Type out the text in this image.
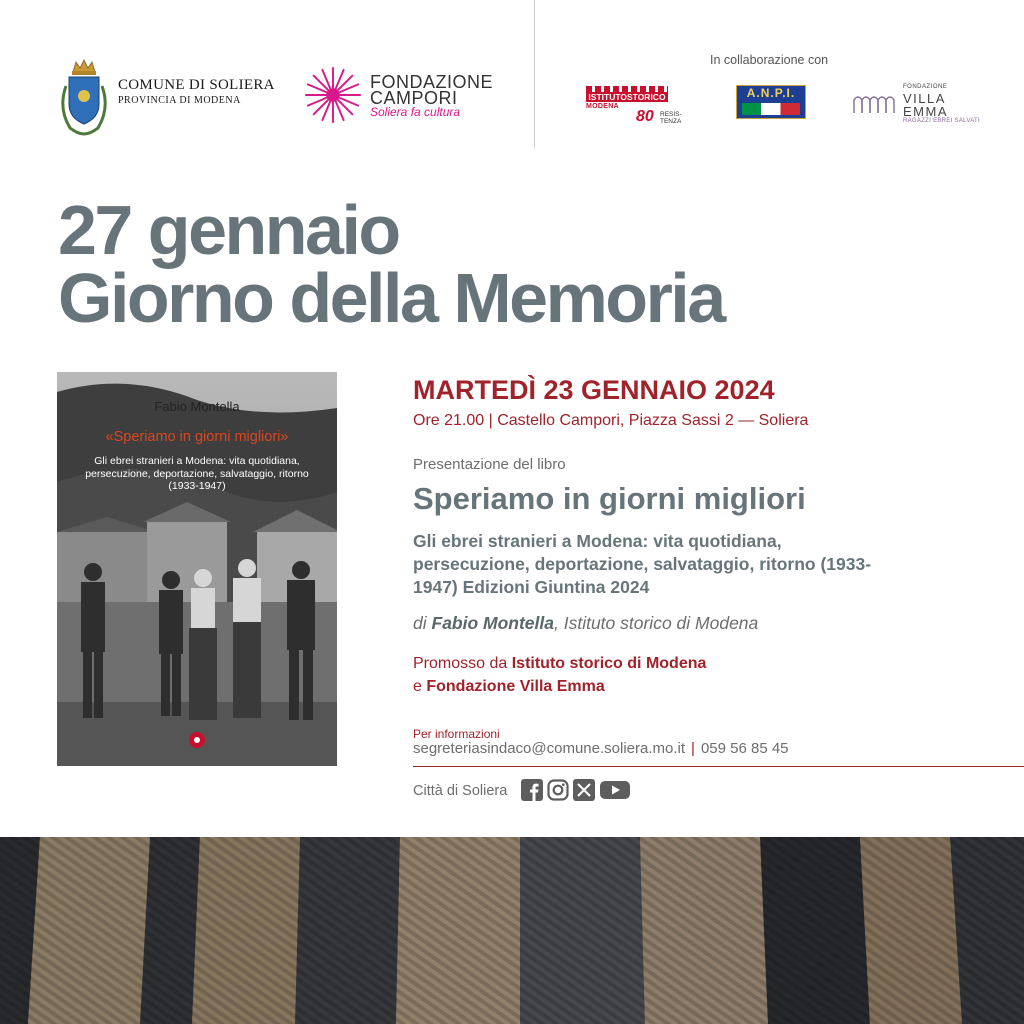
COMUNE DI SOLIERA
PROVINCIA DI MODENA
FONDAZIONE
CAMPORI
Soliera fa cultura
In collaborazione con
ISTITUTOSTORICO
MODENA
80 RESIS-TENZA
A.N.P.I.	FONDAZIONE
VILLA
EMMA
RAGAZZI EBREI SALVATI
27 gennaio
Giorno della Memoria
Fabio Montella
«Speriamo in giorni migliori»
Gli ebrei stranieri a Modena: vita quotidiana, persecuzione, deportazione, salvataggio, ritorno (1933-1947)
MARTEDÌ 23 GENNAIO 2024
Ore 21.00 | Castello Campori, Piazza Sassi 2 — Soliera
Presentazione del libro
Speriamo in giorni migliori
Gli ebrei stranieri a Modena: vita quotidiana, persecuzione, deportazione, salvataggio, ritorno (1933-1947) Edizioni Giuntina 2024
di Fabio Montella, Istituto storico di Modena
Promosso da Istituto storico di Modena
e Fondazione Villa Emma
Per informazioni
segreteriasindaco@comune.soliera.mo.it | 059 56 85 45
Città di Soliera
